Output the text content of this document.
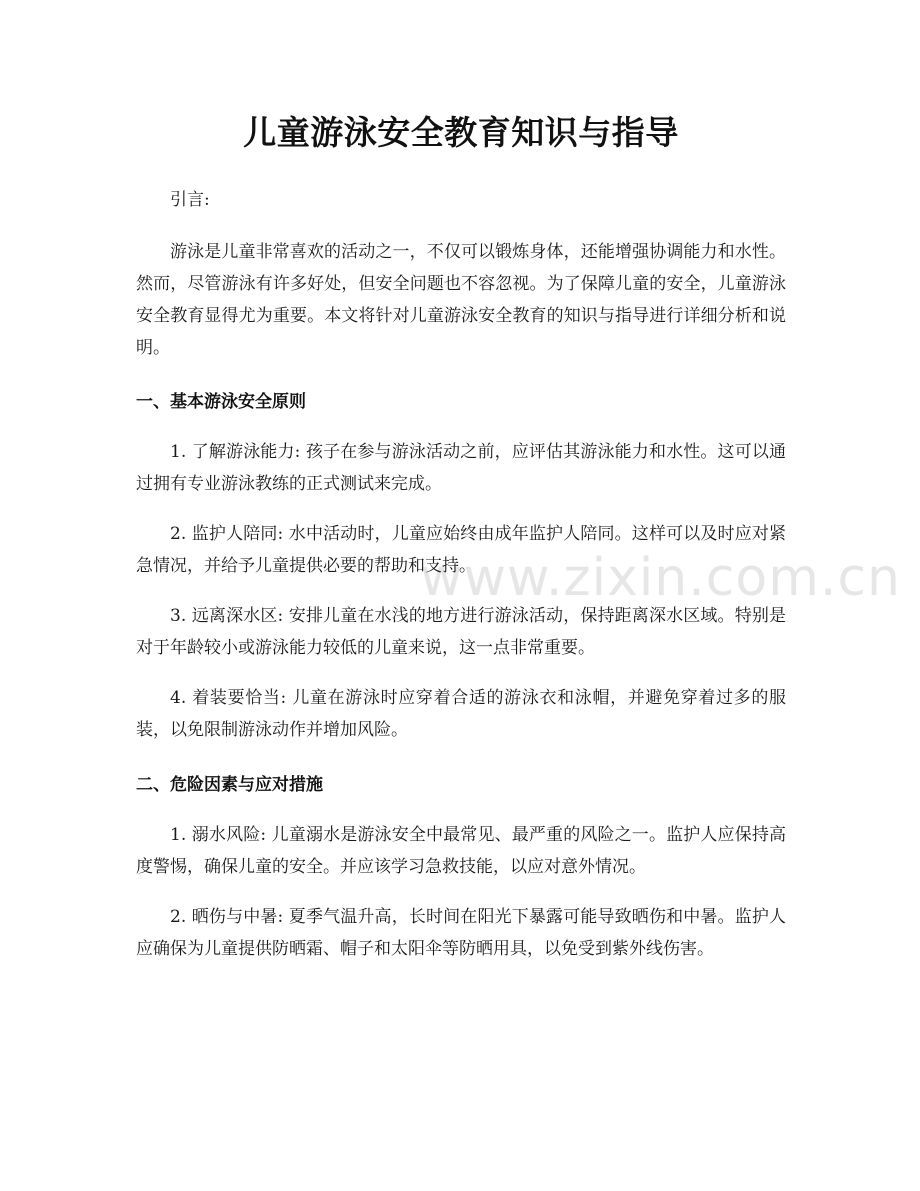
www.zixin.com.cn
儿童游泳安全教育知识与指导

引言:

游泳是儿童非常喜欢的活动之一，不仅可以锻炼身体，还能增强协调能力和水性。然而，尽管游泳有许多好处，但安全问题也不容忽视。为了保障儿童的安全，儿童游泳安全教育显得尤为重要。本文将针对儿童游泳安全教育的知识与指导进行详细分析和说明。

一、基本游泳安全原则

1. 了解游泳能力: 孩子在参与游泳活动之前，应评估其游泳能力和水性。这可以通过拥有专业游泳教练的正式测试来完成。

2. 监护人陪同: 水中活动时，儿童应始终由成年监护人陪同。这样可以及时应对紧急情况，并给予儿童提供必要的帮助和支持。

3. 远离深水区: 安排儿童在水浅的地方进行游泳活动，保持距离深水区域。特别是对于年龄较小或游泳能力较低的儿童来说，这一点非常重要。

4. 着装要恰当: 儿童在游泳时应穿着合适的游泳衣和泳帽，并避免穿着过多的服装，以免限制游泳动作并增加风险。

二、危险因素与应对措施

1. 溺水风险: 儿童溺水是游泳安全中最常见、最严重的风险之一。监护人应保持高度警惕，确保儿童的安全。并应该学习急救技能，以应对意外情况。

2. 晒伤与中暑: 夏季气温升高，长时间在阳光下暴露可能导致晒伤和中暑。监护人应确保为儿童提供防晒霜、帽子和太阳伞等防晒用具，以免受到紫外线伤害。
